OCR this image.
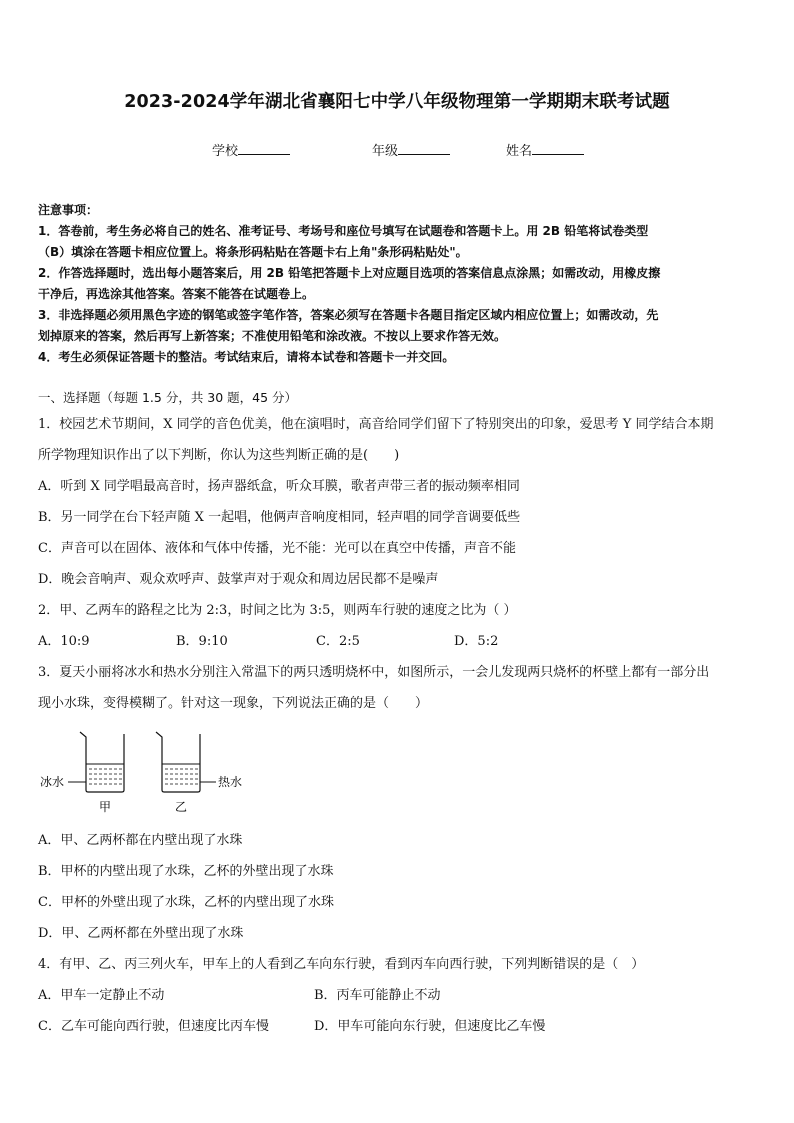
2023-2024学年湖北省襄阳七中学八年级物理第一学期期末联考试题
学校	年级	姓名

注意事项：

1．答卷前，考生务必将自己的姓名、准考证号、考场号和座位号填写在试题卷和答题卡上。用 2B 铅笔将试卷类型

（B）填涂在答题卡相应位置上。将条形码粘贴在答题卡右上角"条形码粘贴处"。

2．作答选择题时，选出每小题答案后，用 2B 铅笔把答题卡上对应题目选项的答案信息点涂黑；如需改动，用橡皮擦

干净后，再选涂其他答案。答案不能答在试题卷上。

3．非选择题必须用黑色字迹的钢笔或签字笔作答，答案必须写在答题卡各题目指定区域内相应位置上；如需改动，先

划掉原来的答案，然后再写上新答案；不准使用铅笔和涂改液。不按以上要求作答无效。

4．考生必须保证答题卡的整洁。考试结束后，请将本试卷和答题卡一并交回。

一、选择题（每题 1.5 分，共 30 题，45 分）

1．校园艺术节期间，X 同学的音色优美，他在演唱时，高音给同学们留下了特别突出的印象，爱思考 Y 同学结合本期

所学物理知识作出了以下判断，你认为这些判断正确的是(　　)

A．听到 X 同学唱最高音时，扬声器纸盒，听众耳膜，歌者声带三者的振动频率相同

B．另一同学在台下轻声随 X 一起唱，他俩声音响度相同，轻声唱的同学音调要低些

C．声音可以在固体、液体和气体中传播，光不能：光可以在真空中传播，声音不能

D．晚会音响声、观众欢呼声、鼓掌声对于观众和周边居民都不是噪声

2．甲、乙两车的路程之比为 2:3，时间之比为 3:5，则两车行驶的速度之比为（ ）

A．10:9	B．9:10	C．2:5	D．5:2

3．夏天小丽将冰水和热水分别注入常温下的两只透明烧杯中，如图所示，一会儿发现两只烧杯的杯壁上都有一部分出

现小水珠，变得模糊了。针对这一现象，下列说法正确的是（　　）

冰水	热水
甲	乙

A．甲、乙两杯都在内壁出现了水珠

B．甲杯的内壁出现了水珠，乙杯的外壁出现了水珠

C．甲杯的外壁出现了水珠，乙杯的内壁出现了水珠

D．甲、乙两杯都在外壁出现了水珠

4．有甲、乙、丙三列火车，甲车上的人看到乙车向东行驶，看到丙车向西行驶，下列判断错误的是（　）

A．甲车一定静止不动	B．丙车可能静止不动
C．乙车可能向西行驶，但速度比丙车慢	D．甲车可能向东行驶，但速度比乙车慢
